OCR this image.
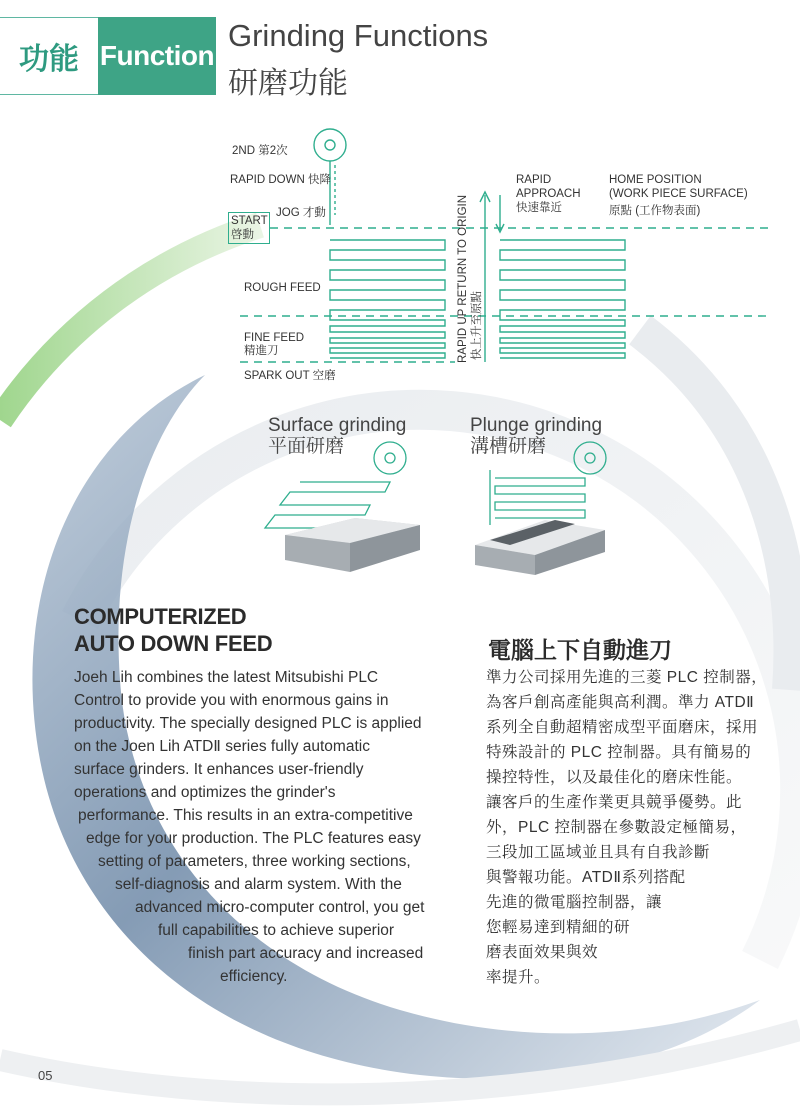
功能 Function
Grinding Functions
研磨功能
2ND 第2次
RAPID DOWN 快降
START
啓動
JOG 才動
ROUGH FEED
FINE FEED
精進刀
SPARK OUT 空磨
RAPID UP RETURN TO ORIGIN 快上升至原點
RAPID
APPROACH
快速靠近
HOME POSITION
(WORK PIECE SURFACE)
原點 (工作物表面)
Surface grinding
平面研磨
Plunge grinding
溝槽研磨
COMPUTERIZED
AUTO DOWN FEED
Joeh Lih combines the latest Mitsubishi PLC
Control to provide you with enormous gains in
productivity. The specially designed PLC is applied
on the Joen Lih ATDⅡ series fully automatic
surface grinders. It enhances user-friendly
operations and optimizes the grinder's
performance. This results in an extra-competitive
edge for your production. The PLC features easy
setting of parameters, three working sections,
self-diagnosis and alarm system. With the
advanced micro-computer control, you get
full capabilities to achieve superior
finish part accuracy and increased
efficiency.
電腦上下自動進刀
準力公司採用先進的三菱 PLC 控制器，
為客戶創高產能與高利潤。準力 ATDⅡ
系列全自動超精密成型平面磨床，採用
特殊設計的 PLC 控制器。具有簡易的
操控特性，以及最佳化的磨床性能。
讓客戶的生產作業更具競爭優勢。此
外，PLC 控制器在參數設定極簡易，
三段加工區域並且具有自我診斷
與警報功能。ATDⅡ系列搭配
先進的微電腦控制器，讓
您輕易達到精細的研
磨表面效果與效
率提升。
05
